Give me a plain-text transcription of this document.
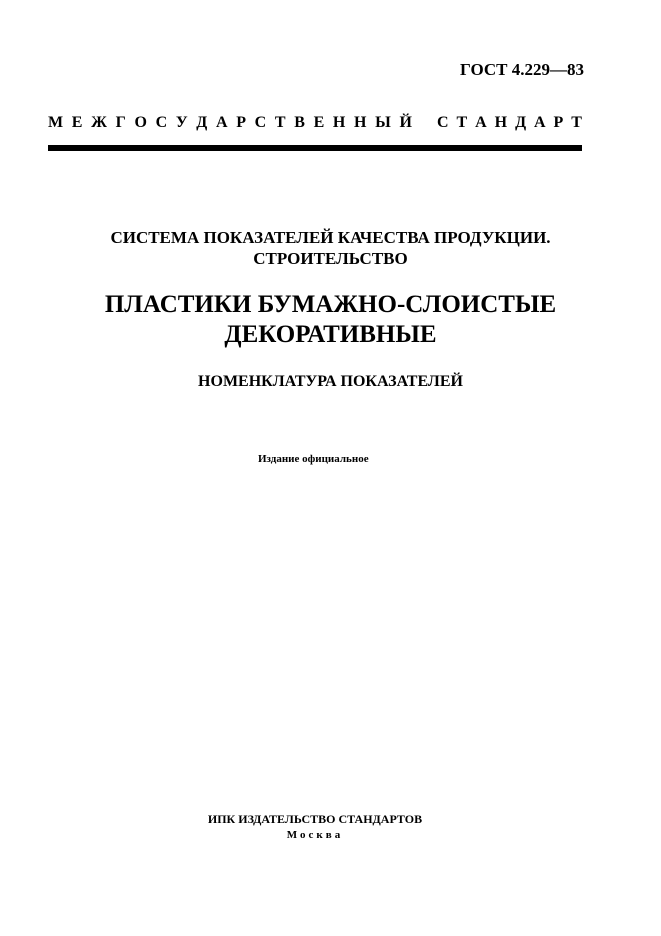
ГОСТ 4.229—83
М Е Ж Г О С У Д А Р С Т В Е Н Н Ы Й С Т А Н Д А Р Т
СИСТЕМА ПОКАЗАТЕЛЕЙ КАЧЕСТВА ПРОДУКЦИИ.
СТРОИТЕЛЬСТВО
ПЛАСТИКИ БУМАЖНО-СЛОИСТЫЕ
ДЕКОРАТИВНЫЕ
НОМЕНКЛАТУРА ПОКАЗАТЕЛЕЙ
Издание официальное
ИПК ИЗДАТЕЛЬСТВО СТАНДАРТОВ
Москва
